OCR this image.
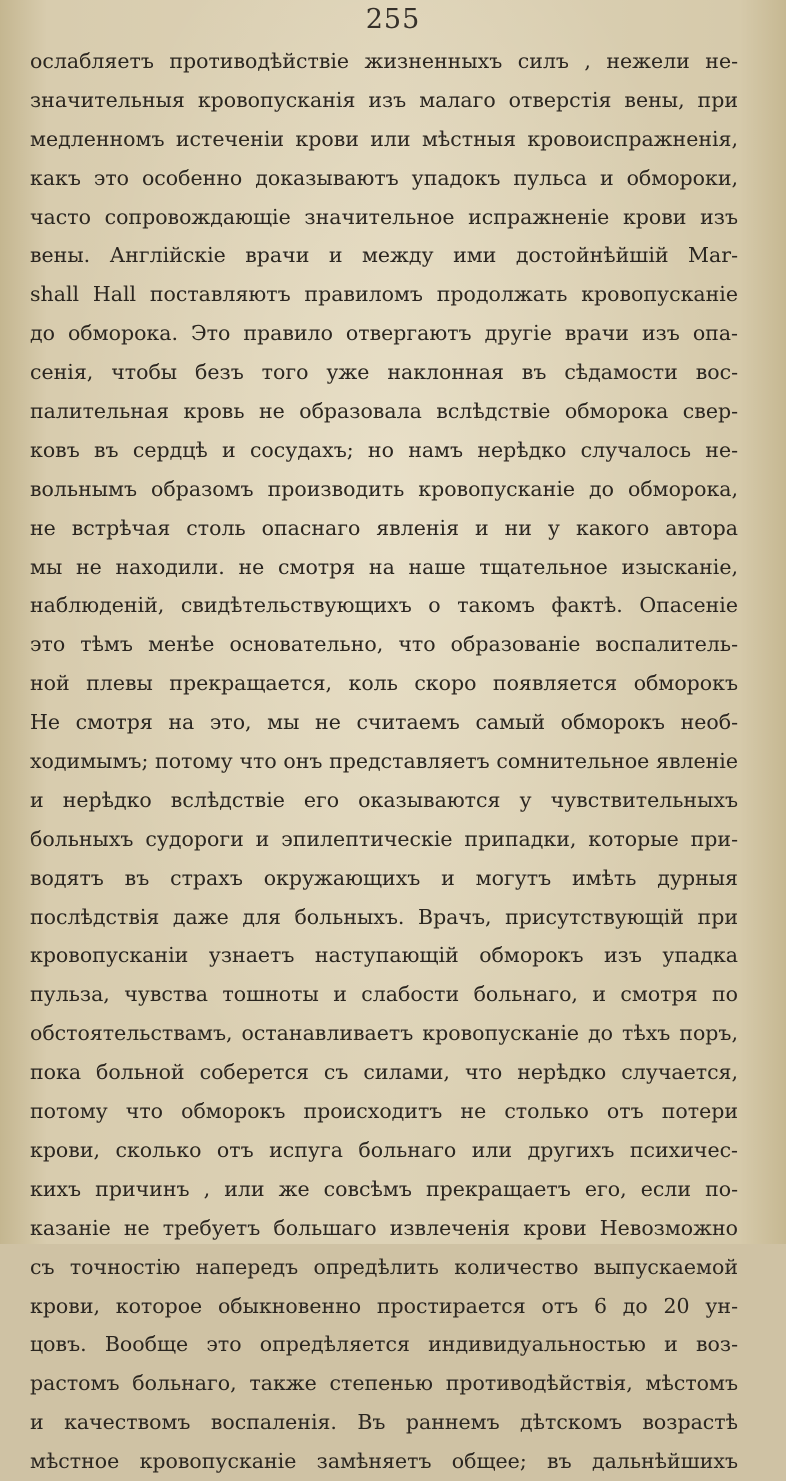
255
ослабляетъ противодѣйствіе жизненныхъ силъ , нежели не-
значительныя кровопусканія изъ малаго отверстія вены, при
медленномъ истеченіи крови или мѣстныя кровоиспражненія,
какъ это особенно доказываютъ упадокъ пульса и обмороки,
часто сопровождающіе значительное испражненіе крови изъ
вены. Англійскіе врачи и между ими достойнѣйшій Mar-
shall Hall поставляютъ правиломъ продолжать кровопусканіе
до обморока. Это правило отвергаютъ другіе врачи изъ опа-
сенія, чтобы безъ того уже наклонная въ сѣдамости вос-
палительная кровь не образовала вслѣдствіе обморока свер-
ковъ въ сердцѣ и сосудахъ; но намъ нерѣдко случалось не-
вольнымъ образомъ производить кровопусканіе до обморока,
не встрѣчая столь опаснаго явленія и ни у какого автора
мы не находили. не смотря на наше тщательное изысканіе,
наблюденій, свидѣтельствующихъ о такомъ фактѣ. Опасеніе
это тѣмъ менѣе основательно, что образованіе воспалитель-
ной плевы прекращается, коль скоро появляется обморокъ
Не смотря на это, мы не считаемъ самый обморокъ необ-
ходимымъ; потому что онъ представляетъ сомнительное явленіе
и нерѣдко вслѣдствіе его оказываются у чувствительныхъ
больныхъ судороги и эпилептическіе припадки, которые при-
водятъ въ страхъ окружающихъ и могутъ имѣть дурныя
послѣдствія даже для больныхъ. Врачъ, присутствующій при
кровопусканіи узнаетъ наступающій обморокъ изъ упадка
пульза, чувства тошноты и слабости больнаго, и смотря по
обстоятельствамъ, останавливаетъ кровопусканіе до тѣхъ поръ,
пока больной соберется съ силами, что нерѣдко случается,
потому что обморокъ происходитъ не столько отъ потери
крови, сколько отъ испуга больнаго или другихъ психичес-
кихъ причинъ , или же совсѣмъ прекращаетъ его, если по-
казаніе не требуетъ большаго извлеченія крови Невозможно
съ точностію напередъ опредѣлить количество выпускаемой
крови, которое обыкновенно простирается отъ 6 до 20 ун-
цовъ. Вообще это опредѣляется индивидуальностью и воз-
растомъ больнаго, также степенью противодѣйствія, мѣстомъ
и качествомъ воспаленія. Въ раннемъ дѣтскомъ возрастѣ
мѣстное кровопусканіе замѣняетъ общее; въ дальнѣйшихъ
